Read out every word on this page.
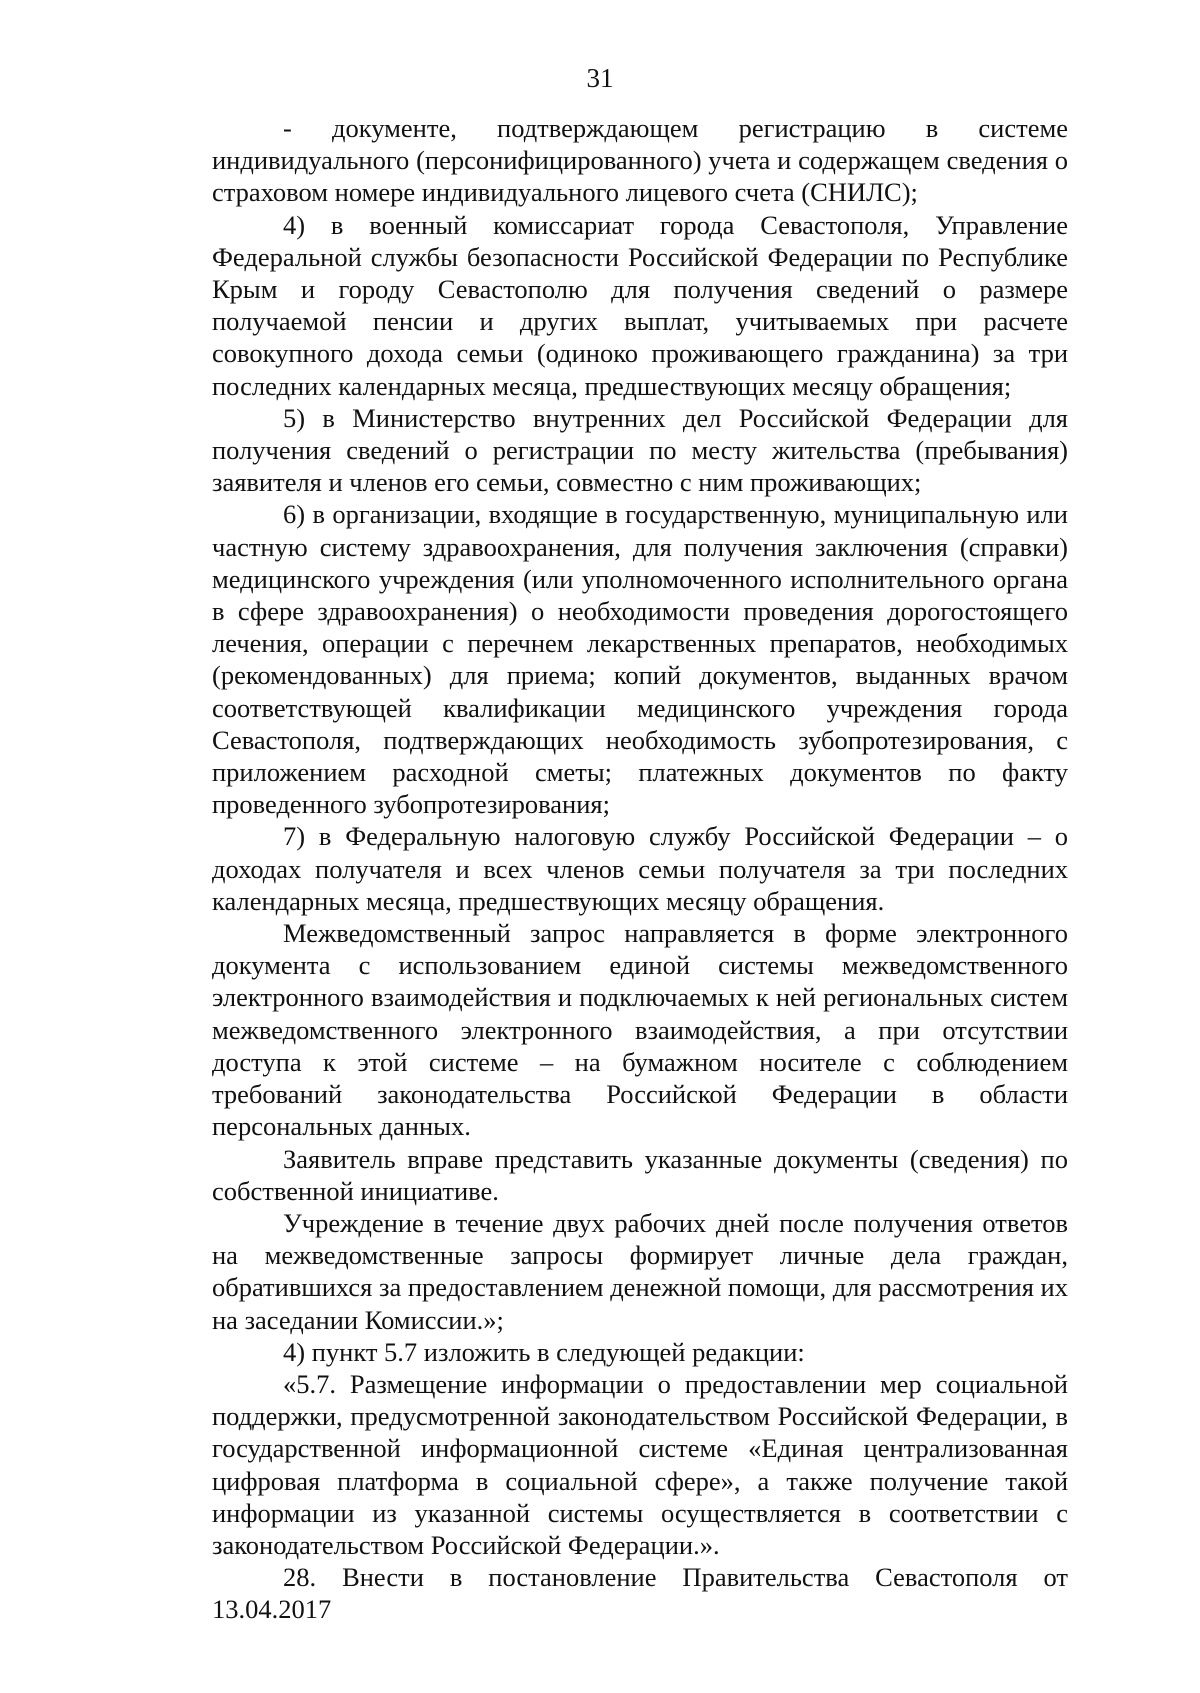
31

- документе, подтверждающем регистрацию в системе индивидуального (персонифицированного) учета и содержащем сведения о страховом номере индивидуального лицевого счета (СНИЛС);

4) в военный комиссариат города Севастополя, Управление Федеральной службы безопасности Российской Федерации по Республике Крым и городу Севастополю для получения сведений о размере получаемой пенсии и других выплат, учитываемых при расчете совокупного дохода семьи (одиноко проживающего гражданина) за три последних календарных месяца, предшествующих месяцу обращения;

5) в Министерство внутренних дел Российской Федерации для получения сведений о регистрации по месту жительства (пребывания) заявителя и членов его семьи, совместно с ним проживающих;

6) в организации, входящие в государственную, муниципальную или частную систему здравоохранения, для получения заключения (справки) медицинского учреждения (или уполномоченного исполнительного органа в сфере здравоохранения) о необходимости проведения дорогостоящего лечения, операции с перечнем лекарственных препаратов, необходимых (рекомендованных) для приема; копий документов, выданных врачом соответствующей квалификации медицинского учреждения города Севастополя, подтверждающих необходимость зубопротезирования, с приложением расходной сметы; платежных документов по факту проведенного зубопротезирования;

7) в Федеральную налоговую службу Российской Федерации – о доходах получателя и всех членов семьи получателя за три последних календарных месяца, предшествующих месяцу обращения.

Межведомственный запрос направляется в форме электронного документа с использованием единой системы межведомственного электронного взаимодействия и подключаемых к ней региональных систем межведомственного электронного взаимодействия, а при отсутствии доступа к этой системе – на бумажном носителе с соблюдением требований законодательства Российской Федерации в области персональных данных.

Заявитель вправе представить указанные документы (сведения) по собственной инициативе.

Учреждение в течение двух рабочих дней после получения ответов на межведомственные запросы формирует личные дела граждан, обратившихся за предоставлением денежной помощи, для рассмотрения их на заседании Комиссии.»;

4) пункт 5.7 изложить в следующей редакции:

«5.7. Размещение информации о предоставлении мер социальной поддержки, предусмотренной законодательством Российской Федерации, в государственной информационной системе «Единая централизованная цифровая платформа в социальной сфере», а также получение такой информации из указанной системы осуществляется в соответствии с законодательством Российской Федерации.».

28. Внести в постановление Правительства Севастополя от 13.04.2017
